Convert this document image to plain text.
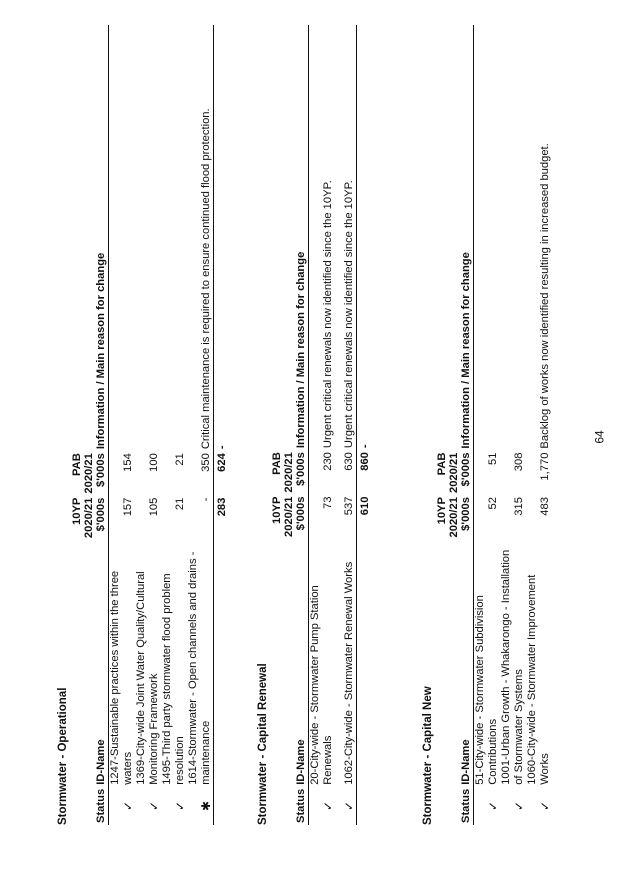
Stormwater - Operational Status	ID-Name	10YP
2020/21
$'000s	PAB
2020/21
$'000s	Information / Main reason for change
✓	1247-Sustainable practices within the three waters	157	154	
✓	1369-City-wide Joint Water Quality/Cultural Monitoring Framework	105	100	
✓	1495-Third party stormwater flood problem resolution	21	21	
✱	1614-Stormwater - Open channels and drains - maintenance	-	350	Critical maintenance is required to ensure continued flood protection.
		283	624	-
Stormwater - Capital Renewal Status	ID-Name	10YP
2020/21
$'000s	PAB
2020/21
$'000s	Information / Main reason for change
✓	20-City-wide - Stormwater Pump Station Renewals	73	230	Urgent critical renewals now identified since the 10YP.
✓	1062-City-wide - Stormwater Renewal Works	537	630	Urgent critical renewals now identified since the 10YP.
		610	860	-
Stormwater - Capital New Status	ID-Name	10YP
2020/21
$'000s	PAB
2020/21
$'000s	Information / Main reason for change
✓	51-City-wide - Stormwater Subdivision Contributions	52	51	
✓	1001-Urban Growth - Whakarongo - Installation of Stormwater Systems	315	308	
✓	1060-City-wide - Stormwater Improvement Works	483	1,770	Backlog of works now identified resulting in increased budget.	64
